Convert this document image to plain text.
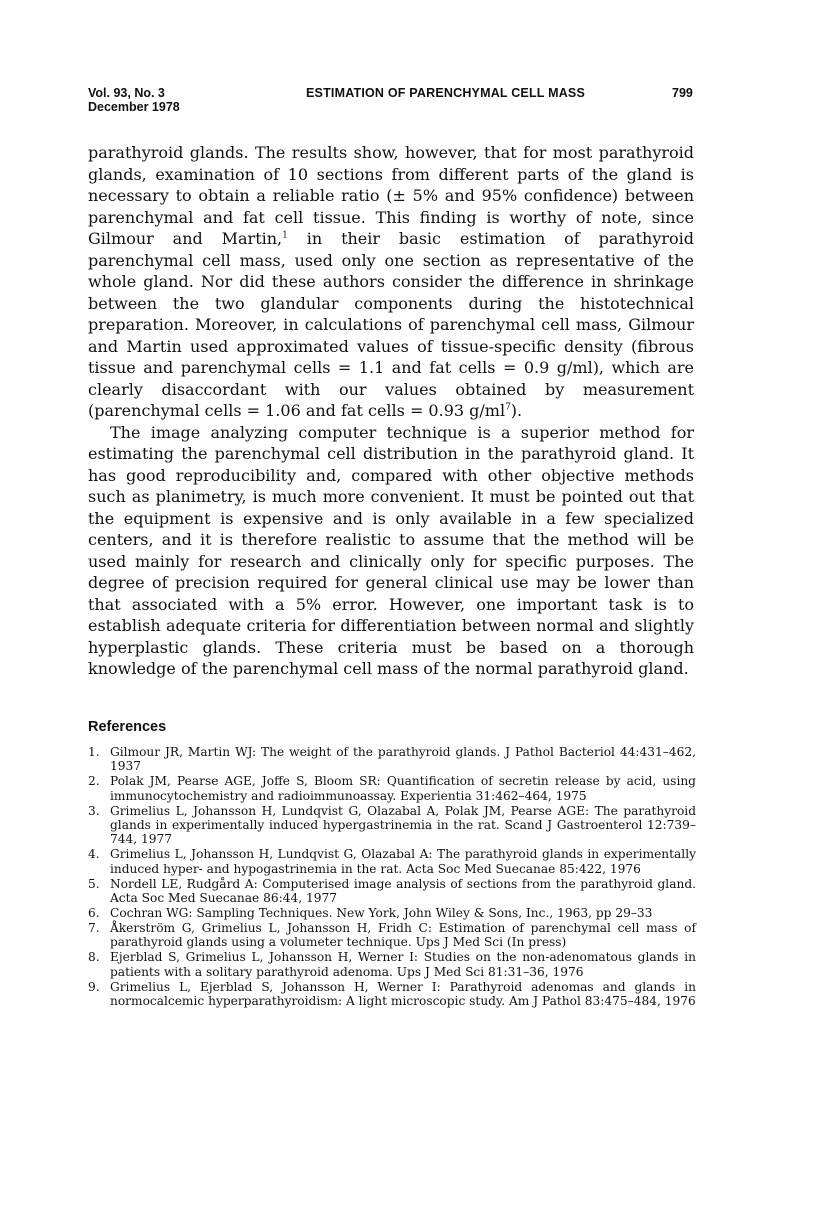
Vol. 93, No. 3
December 1978
ESTIMATION OF PARENCHYMAL CELL MASS	799

parathyroid glands. The results show, however, that for most parathyroid glands, examination of 10 sections from different parts of the gland is necessary to obtain a reliable ratio (± 5% and 95% confidence) between parenchymal and fat cell tissue. This finding is worthy of note, since Gilmour and Martin,$^1$ in their basic estimation of parathyroid parenchymal cell mass, used only one section as representative of the whole gland. Nor did these authors consider the difference in shrinkage between the two glandular components during the histotechnical preparation. Moreover, in calculations of parenchymal cell mass, Gilmour and Martin used approximated values of tissue-specific density (fibrous tissue and parenchymal cells = 1.1 and fat cells = 0.9 g/ml), which are clearly disaccordant with our values obtained by measurement (parenchymal cells = 1.06 and fat cells = 0.93 $g/ml^7$).

The image analyzing computer technique is a superior method for estimating the parenchymal cell distribution in the parathyroid gland. It has good reproducibility and, compared with other objective methods such as planimetry, is much more convenient. It must be pointed out that the equipment is expensive and is only available in a few specialized centers, and it is therefore realistic to assume that the method will be used mainly for research and clinically only for specific purposes. The degree of precision required for general clinical use may be lower than that associated with a 5% error. However, one important task is to establish adequate criteria for differentiation between normal and slightly hyperplastic glands. These criteria must be based on a thorough knowledge of the parenchymal cell mass of the normal parathyroid gland.

References
1. Gilmour JR, Martin WJ: The weight of the parathyroid glands. J Pathol Bacteriol 44:431–462, 1937
2. Polak JM, Pearse AGE, Joffe S, Bloom SR: Quantification of secretin release by acid, using immunocytochemistry and radioimmunoassay. Experientia 31:462–464, 1975
3. Grimelius L, Johansson H, Lundqvist G, Olazabal A, Polak JM, Pearse AGE: The parathyroid glands in experimentally induced hypergastrinemia in the rat. Scand J Gastroenterol 12:739–744, 1977
4. Grimelius L, Johansson H, Lundqvist G, Olazabal A: The parathyroid glands in experimentally induced hyper- and hypogastrinemia in the rat. Acta Soc Med Suecanae 85:422, 1976
5. Nordell LE, Rudgård A: Computerised image analysis of sections from the parathyroid gland. Acta Soc Med Suecanae 86:44, 1977
6. Cochran WG: Sampling Techniques. New York, John Wiley & Sons, Inc., 1963, pp 29–33
7. Åkerström G, Grimelius L, Johansson H, Fridh C: Estimation of parenchymal cell mass of parathyroid glands using a volumeter technique. Ups J Med Sci (In press)
8. Ejerblad S, Grimelius L, Johansson H, Werner I: Studies on the non-adenomatous glands in patients with a solitary parathyroid adenoma. Ups J Med Sci 81:31–36, 1976
9. Grimelius L, Ejerblad S, Johansson H, Werner I: Parathyroid adenomas and glands in normocalcemic hyperparathyroidism: A light microscopic study. Am J Pathol 83:475–484, 1976
